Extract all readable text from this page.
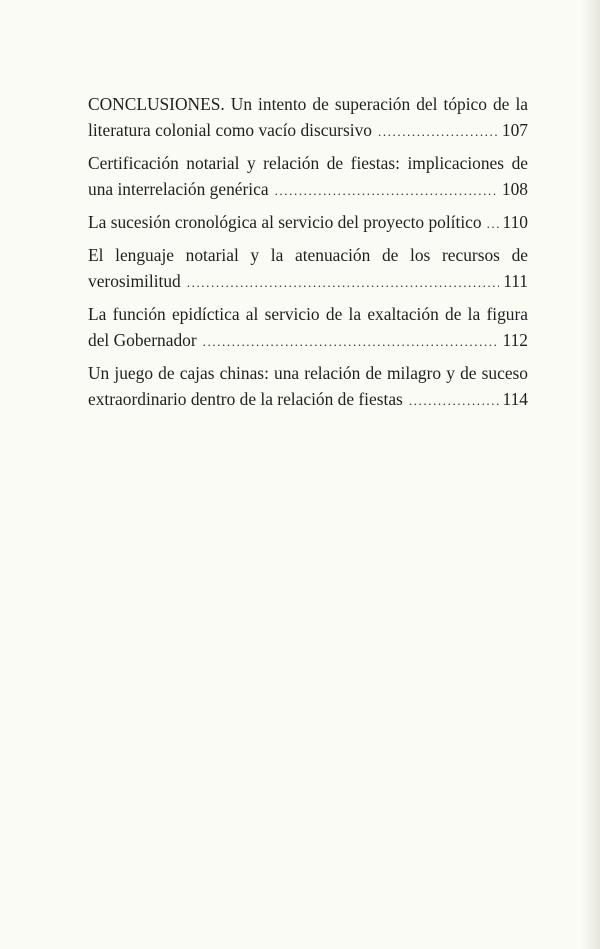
CONCLUSIONES. Un intento de superación del tópico de la
literatura colonial como vacío discursivo .....	107
Certificación notarial y relación de fiestas: implicaciones de
una interrelación genérica .....	108
La sucesión cronológica al servicio del proyecto político ..... 110
El lenguaje notarial y la atenuación de los recursos de
verosimilitud .....	111
La función epidíctica al servicio de la exaltación de la figura
del Gobernador .....	112
Un juego de cajas chinas: una relación de milagro y de suceso
extraordinario dentro de la relación de fiestas .....	114
